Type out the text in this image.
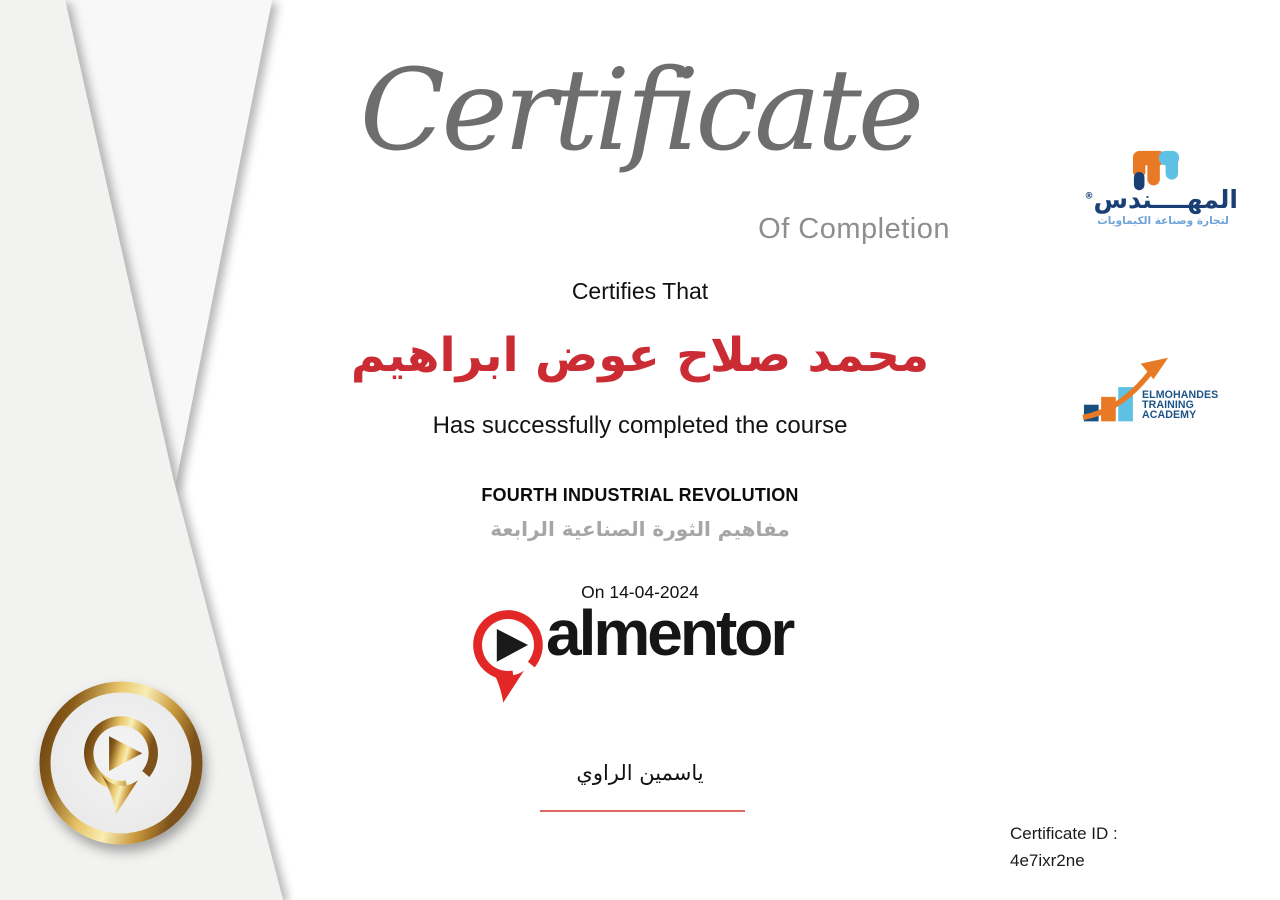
Certificate
Of Completion
Certifies That
محمد صلاح عوض ابراهيم
Has successfully completed the course
FOURTH INDUSTRIAL REVOLUTION
مفاهيم الثورة الصناعية الرابعة
On 14-04-2024
almentor
ياسمين الراوي
Certificate ID :
4e7ixr2ne
المهــــندس®
لتجارة وصناعة الكيماويات
ELMOHANDES
TRAINING
ACADEMY
